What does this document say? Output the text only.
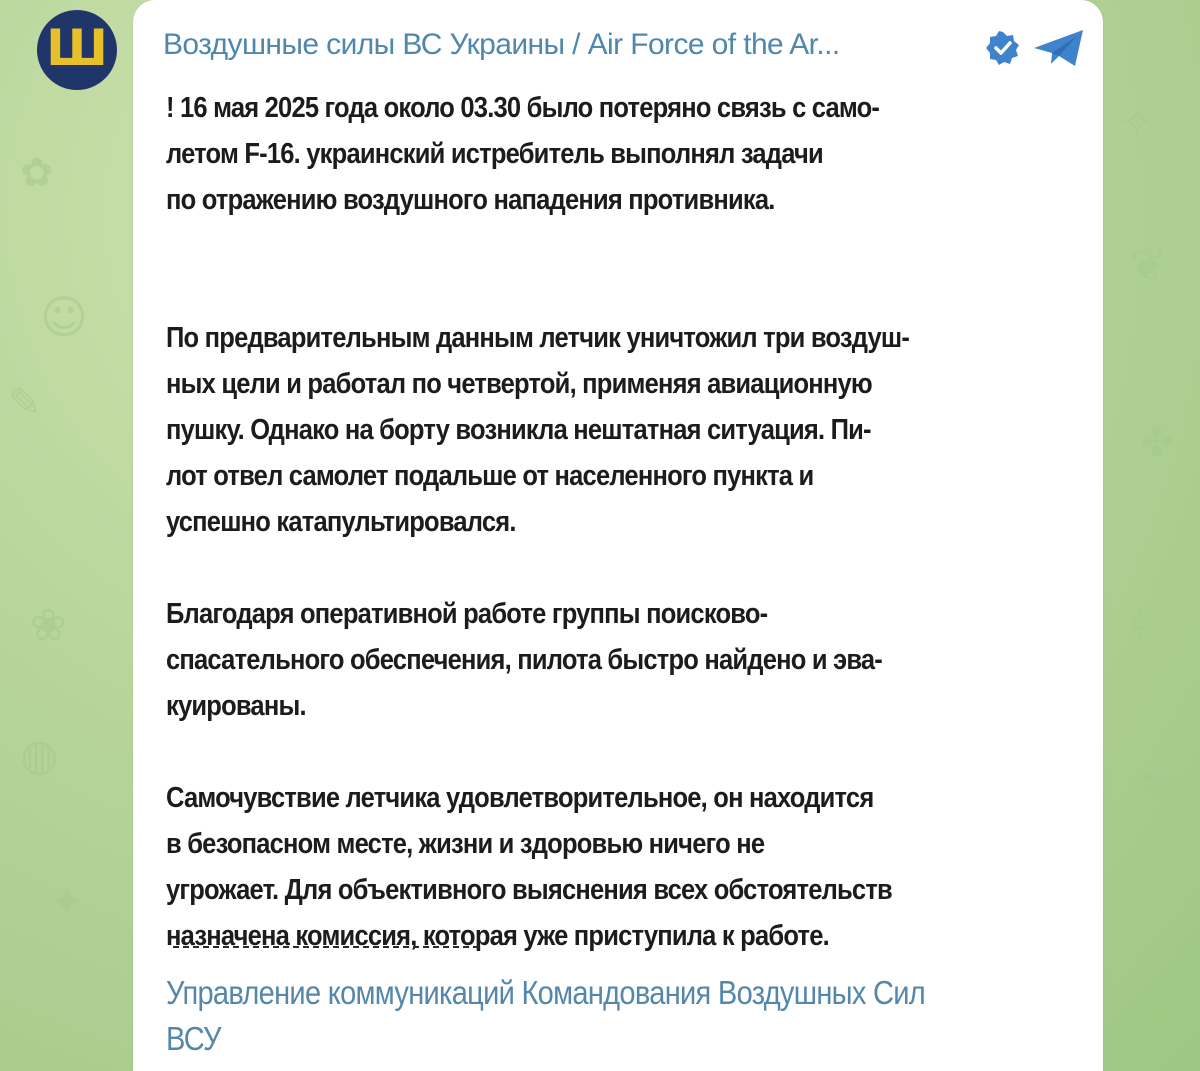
✿
☺
✎
❀
◍
✦
✧
❦
✤
☼
✾
⌂
Ш Воздушные силы ВС Украины / Air Force of the Ar...
! 16 мая 2025 года около 03.30 было потеряно связь с само-
летом F-16. украинский истребитель выполнял задачи
по отражению воздушного нападения противника.
По предварительным данным летчик уничтожил три воздуш-
ных цели и работал по четвертой, применяя авиационную
пушку. Однако на борту возникла нештатная ситуация. Пи-
лот отвел самолет подальше от населенного пункта и
успешно катапультировался.
Благодаря оперативной работе группы поисково-
спасательного обеспечения, пилота быстро найдено и эва-
куированы.
Самочувствие летчика удовлетворительное, он находится
в безопасном месте, жизни и здоровью ничего не
угрожает. Для объективного выяснения всех обстоятельств
назначена комиссия, которая уже приступила к работе.
Управление коммуникаций Командования Воздушных Сил
ВСУ
